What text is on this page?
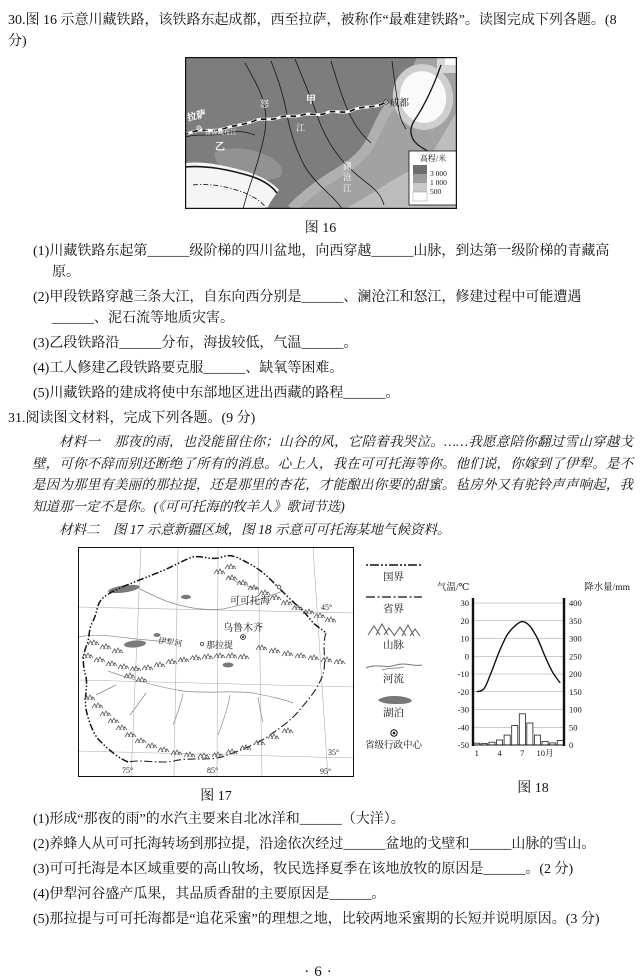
30.图 16 示意川藏铁路，该铁路东起成都，西至拉萨，被称作“最难建铁路”。读图完成下列各题。(8 分)

成都
拉萨
雅鲁藏布江
乙
怒	甲
江
澜沧江
高程/米
3 000
1 000
500
图 16

(1)川藏铁路东起第______级阶梯的四川盆地，向西穿越______山脉，到达第一级阶梯的青藏高原。

(2)甲段铁路穿越三条大江，自东向西分别是______、澜沧江和怒江，修建过程中可能遭遇______、泥石流等地质灾害。

(3)乙段铁路沿______分布，海拔较低，气温______。

(4)工人修建乙段铁路要克服______、缺氧等困难。

(5)川藏铁路的建成将使中东部地区进出西藏的路程______。

31.阅读图文材料，完成下列各题。(9 分)

材料一　那夜的雨，也没能留住你；山谷的风，它陪着我哭泣。……我愿意陪你翻过雪山穿越戈壁，可你不辞而别还断绝了所有的消息。心上人，我在可可托海等你。他们说，你嫁到了伊犁。是不是因为那里有美丽的那拉提，还是那里的杏花，才能酿出你要的甜蜜。毡房外又有驼铃声声响起，我知道那一定不是你。(《可可托海的牧羊人》歌词节选)

材料二　图 17 示意新疆区域，图 18 示意可可托海某地气候资料。

可可托海
乌鲁木齐
那拉提
伊犁河
45°
35°
75°	85°	95°
图 17
国界
省界
山脉
河流
湖泊
省级行政中心
气温/℃	降水量/mm
30
20
10
0
-10
-20
-30
-40
-50
400
350
300
250
200
150
100
50
0
1 4 7 10月
图 18

(1)形成“那夜的雨”的水汽主要来自北冰洋和______（大洋）。

(2)养蜂人从可可托海转场到那拉提，沿途依次经过______盆地的戈壁和______山脉的雪山。

(3)可可托海是本区域重要的高山牧场，牧民选择夏季在该地放牧的原因是______。(2 分)

(4)伊犁河谷盛产瓜果，其品质香甜的主要原因是______。

(5)那拉提与可可托海都是“追花采蜜”的理想之地，比较两地采蜜期的长短并说明原因。(3 分)

·6·
